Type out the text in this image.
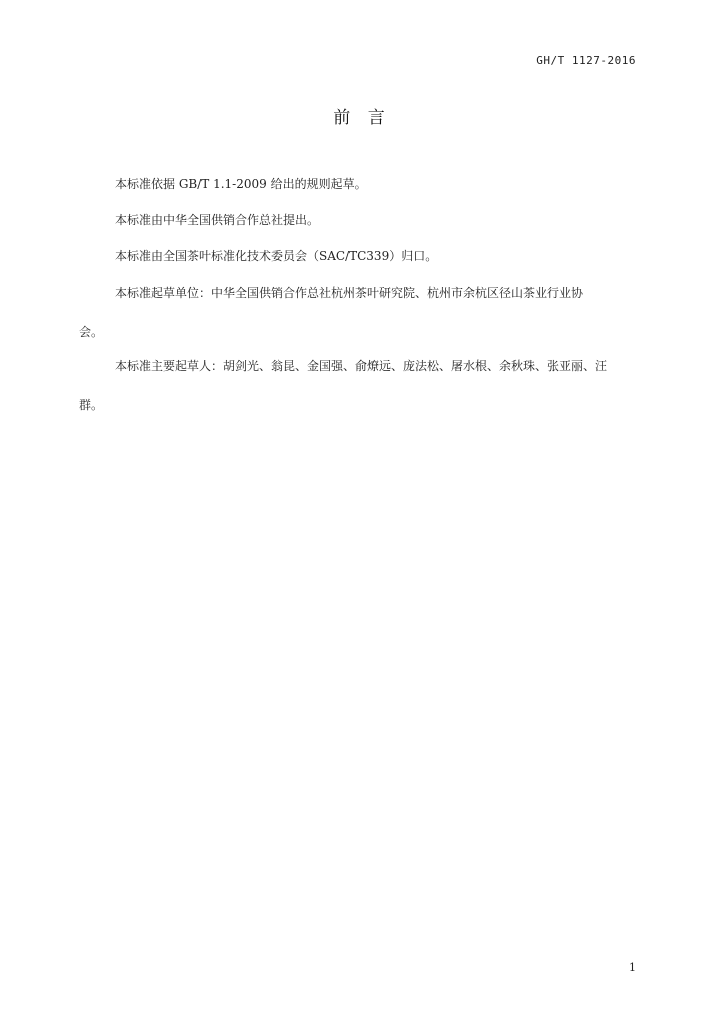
GH/T 1127-2016
前 言
本标准依据 GB/T 1.1-2009 给出的规则起草。
本标准由中华全国供销合作总社提出。
本标准由全国茶叶标准化技术委员会（SAC/TC339）归口。
本标准起草单位：中华全国供销合作总社杭州茶叶研究院、杭州市余杭区径山茶业行业协
会。
本标准主要起草人：胡剑光、翁昆、金国强、俞燎远、庞法松、屠水根、余秋珠、张亚丽、汪
群。
1
